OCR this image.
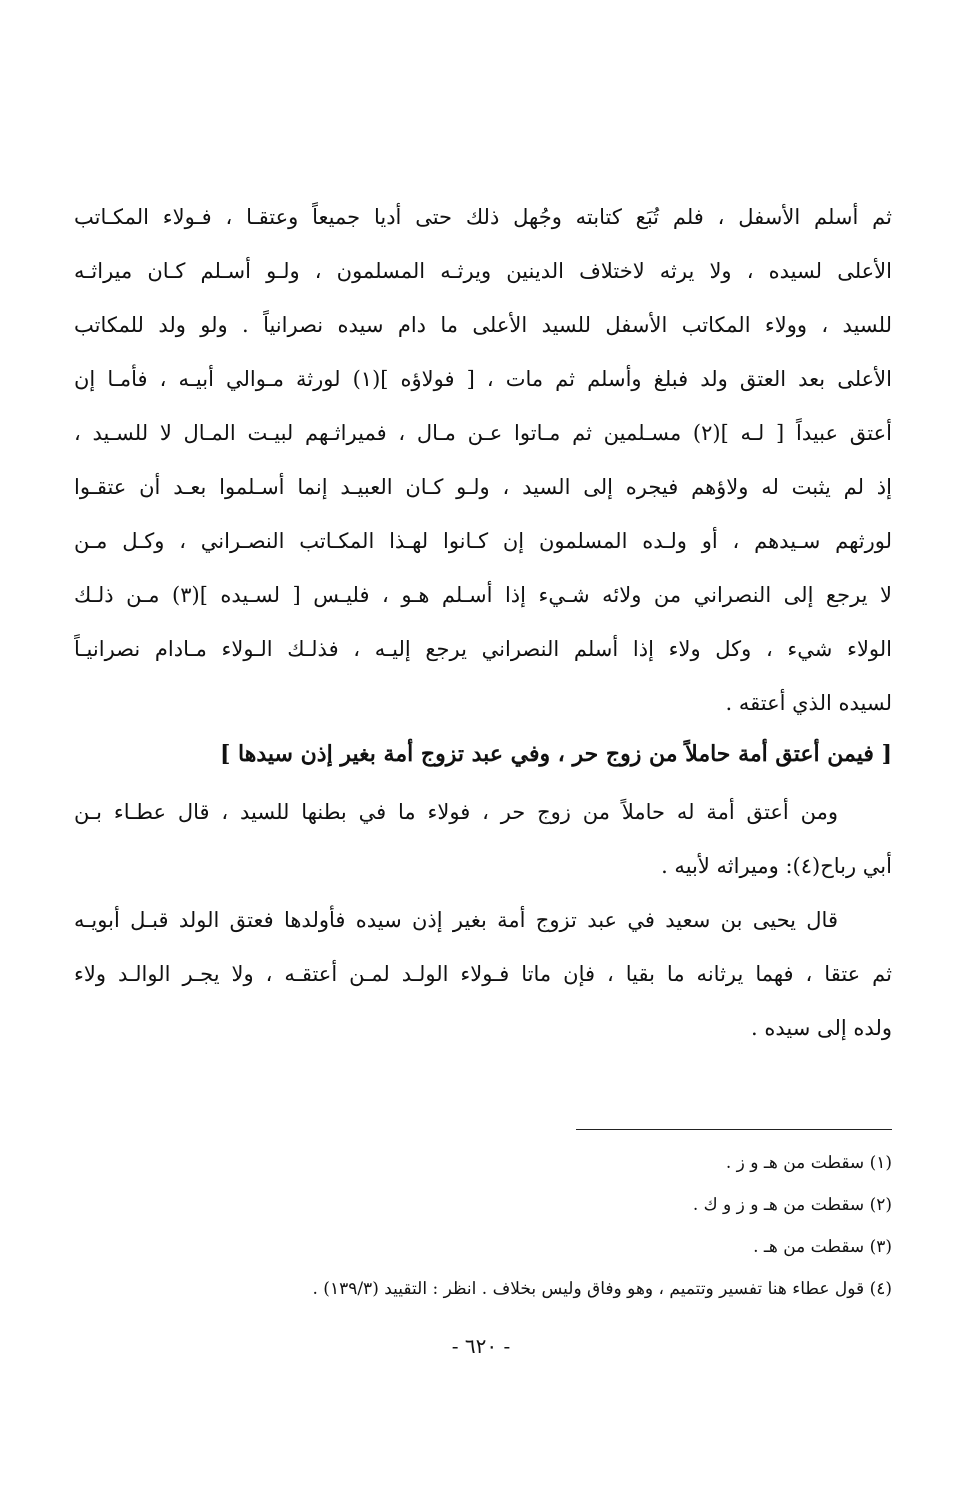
ثم أسلم الأسفل ، فلم تُبَع كتابته وجُهل ذلك حتى أديا جميعاً وعتقـا ، فـولاء المكـاتب
الأعلى لسيده ، ولا يرثه لاختلاف الدينين ويرثـه المسلمون ، ولـو أسـلم كـان ميراثـه
للسيد ، وولاء المكاتب الأسفل للسيد الأعلى ما دام سيده نصرانياً . ولو ولد للمكاتب
الأعلى بعد العتق ولد فبلغ وأسلم ثم مات ، [ فولاؤه ](١) لورثة مـوالي أبيـه ، فأمـا إن
أعتق عبيداً [ لـه ](٢) مسـلمين ثم مـاتوا عـن مـال ، فميراثـهم لبيـت المـال لا للسـيد ،
إذ لم يثبت له ولاؤهم فيجره إلى السيد ، ولـو كـان العبيـد إنما أسـلموا بعـد أن عتقـوا
لورثهم سـيدهم ، أو ولـده المسلمون إن كـانوا لهـذا المكـاتب النصـراني ، وكـل مـن
لا يرجع إلى النصراني من ولائه شـيء إذا أسـلم هـو ، فليـس [ لسـيده ](٣) مـن ذلـك
الولاء شيء ، وكل ولاء إذا أسلم النصراني يرجع إليـه ، فذلـك الـولاء مـادام نصرانيـاً
لسيده الذي أعتقه .
[ فيمن أعتق أمة حاملاً من زوج حر ، وفي عبد تزوج أمة بغير إذن سيدها ]
ومن أعتق أمة له حاملاً من زوج حر ، فولاء ما في بطنها للسيد ، قال عطـاء بـن
أبي رباح(٤): وميراثه لأبيه .
قال يحيى بن سعيد في عبد تزوج أمة بغير إذن سيده فأولدها فعتق الولد قبـل أبويـه
ثم عتقا ، فهما يرثانه ما بقيا ، فإن ماتا فـولاء الولـد لمـن أعتقـه ، ولا يجـر الوالـد ولاء
ولده إلى سيده .
(١) سقطت من هـ و ز .
(٢) سقطت من هـ و ز و ك .
(٣) سقطت من هـ .
(٤) قول عطاء هنا تفسير وتتميم ، وهو وفاق وليس بخلاف . انظر : التقييد (١٣٩/٣) .
- ٦٢٠ -
